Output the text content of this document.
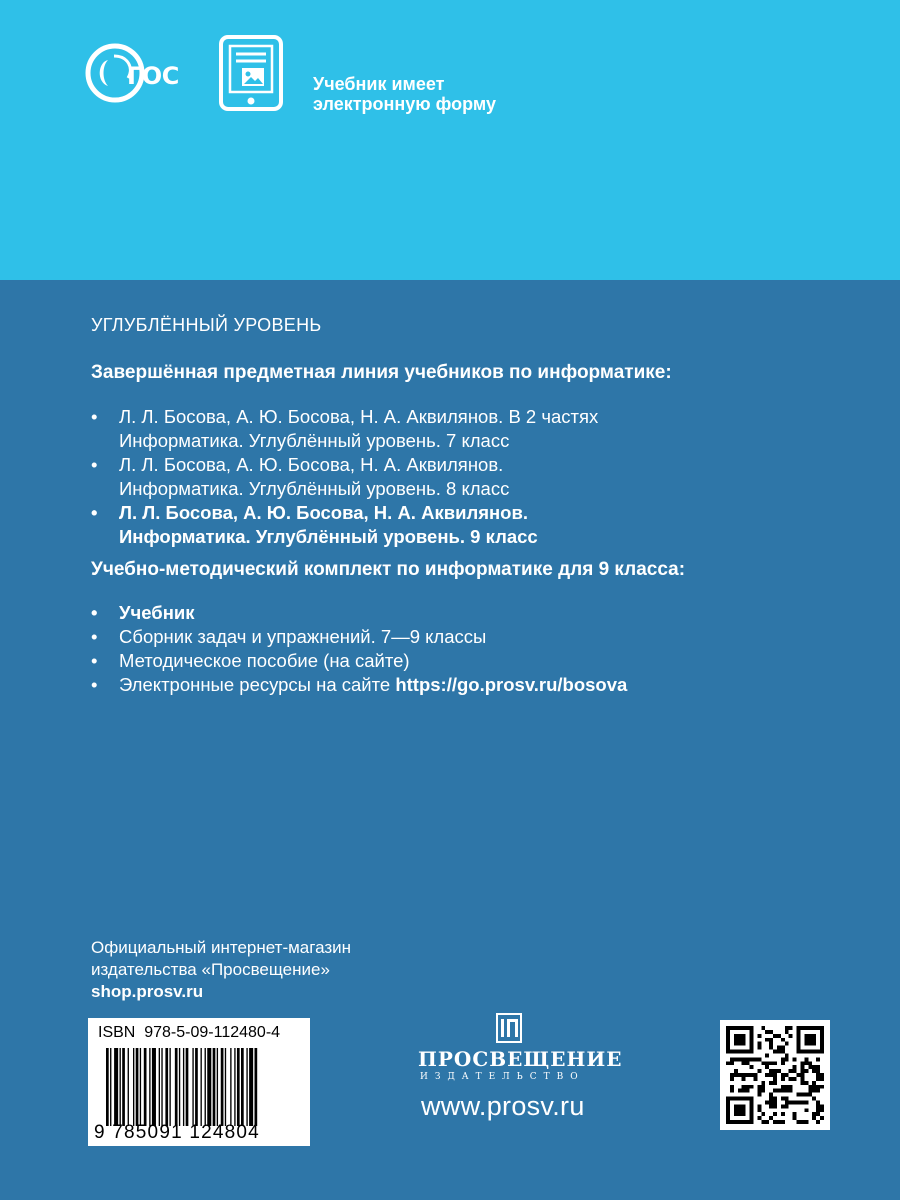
ГОС	Учебник имеет
электронную форму
УГЛУБЛЁННЫЙ УРОВЕНЬ
Завершённая предметная линия учебников по информатике:
• Л. Л. Босова, А. Ю. Босова, Н. А. Аквилянов. В 2 частях
Информатика. Углублённый уровень. 7 класс
• Л. Л. Босова, А. Ю. Босова, Н. А. Аквилянов.
Информатика. Углублённый уровень. 8 класс
• Л. Л. Босова, А. Ю. Босова, Н. А. Аквилянов.
Информатика. Углублённый уровень. 9 класс
Учебно-методический комплект по информатике для 9 класса:
• Учебник
• Сборник задач и упражнений. 7—9 классы
• Методическое пособие (на сайте)
• Электронные ресурсы на сайте https://go.prosv.ru/bosova
Официальный интернет-магазин
издательства «Просвещение»
shop.prosv.ru
ISBN  978-5-09-112480-4
9 785091 124804
ПРОСВЕЩЕНИЕ
ИЗДАТЕЛЬСТВО
www.prosv.ru
